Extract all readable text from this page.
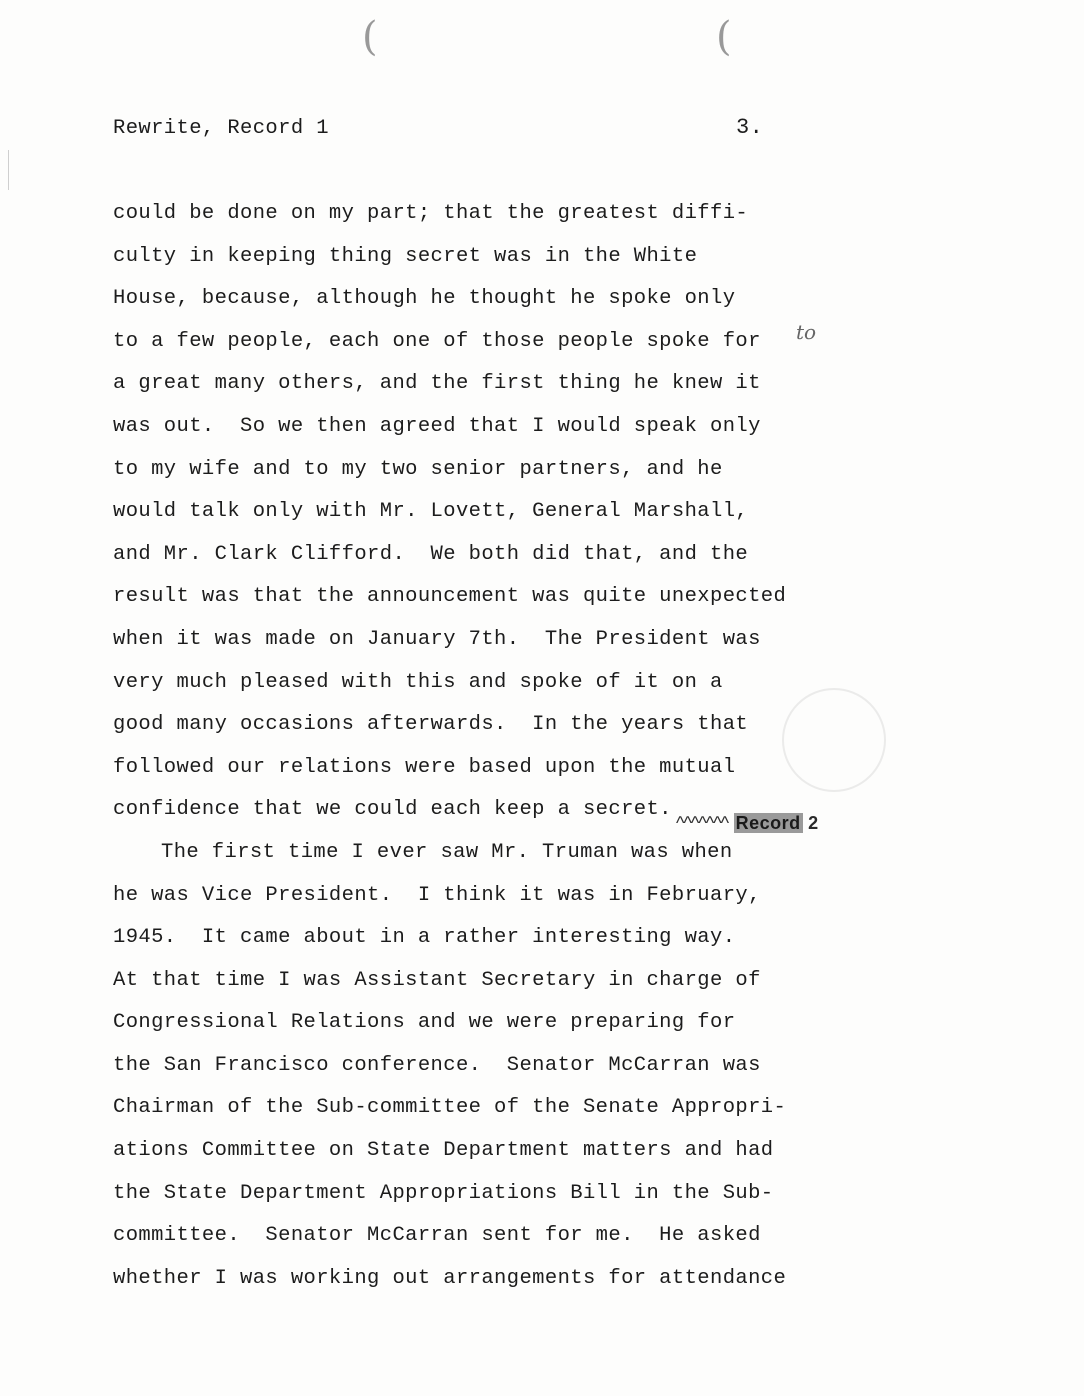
(	(
Rewrite, Record 1	3.
could be done on my part; that the greatest diffi-
culty in keeping thing secret was in the White
House, because, although he thought he spoke only
to a few people, each one of those people spoke for
a great many others, and the first thing he knew it
was out.  So we then agreed that I would speak only
to my wife and to my two senior partners, and he
would talk only with Mr. Lovett, General Marshall,
and Mr. Clark Clifford.  We both did that, and the
result was that the announcement was quite unexpected
when it was made on January 7th.  The President was
very much pleased with this and spoke of it on a
good many occasions afterwards.  In the years that
followed our relations were based upon the mutual
confidence that we could each keep a secret.
The first time I ever saw Mr. Truman was when
he was Vice President.  I think it was in February,
1945.  It came about in a rather interesting way.
At that time I was Assistant Secretary in charge of
Congressional Relations and we were preparing for
the San Francisco conference.  Senator McCarran was
Chairman of the Sub-committee of the Senate Appropri-
ations Committee on State Department matters and had
the State Department Appropriations Bill in the Sub-
committee.  Senator McCarran sent for me.  He asked
whether I was working out arrangements for attendance
to
^^^^^^^ Record 2
